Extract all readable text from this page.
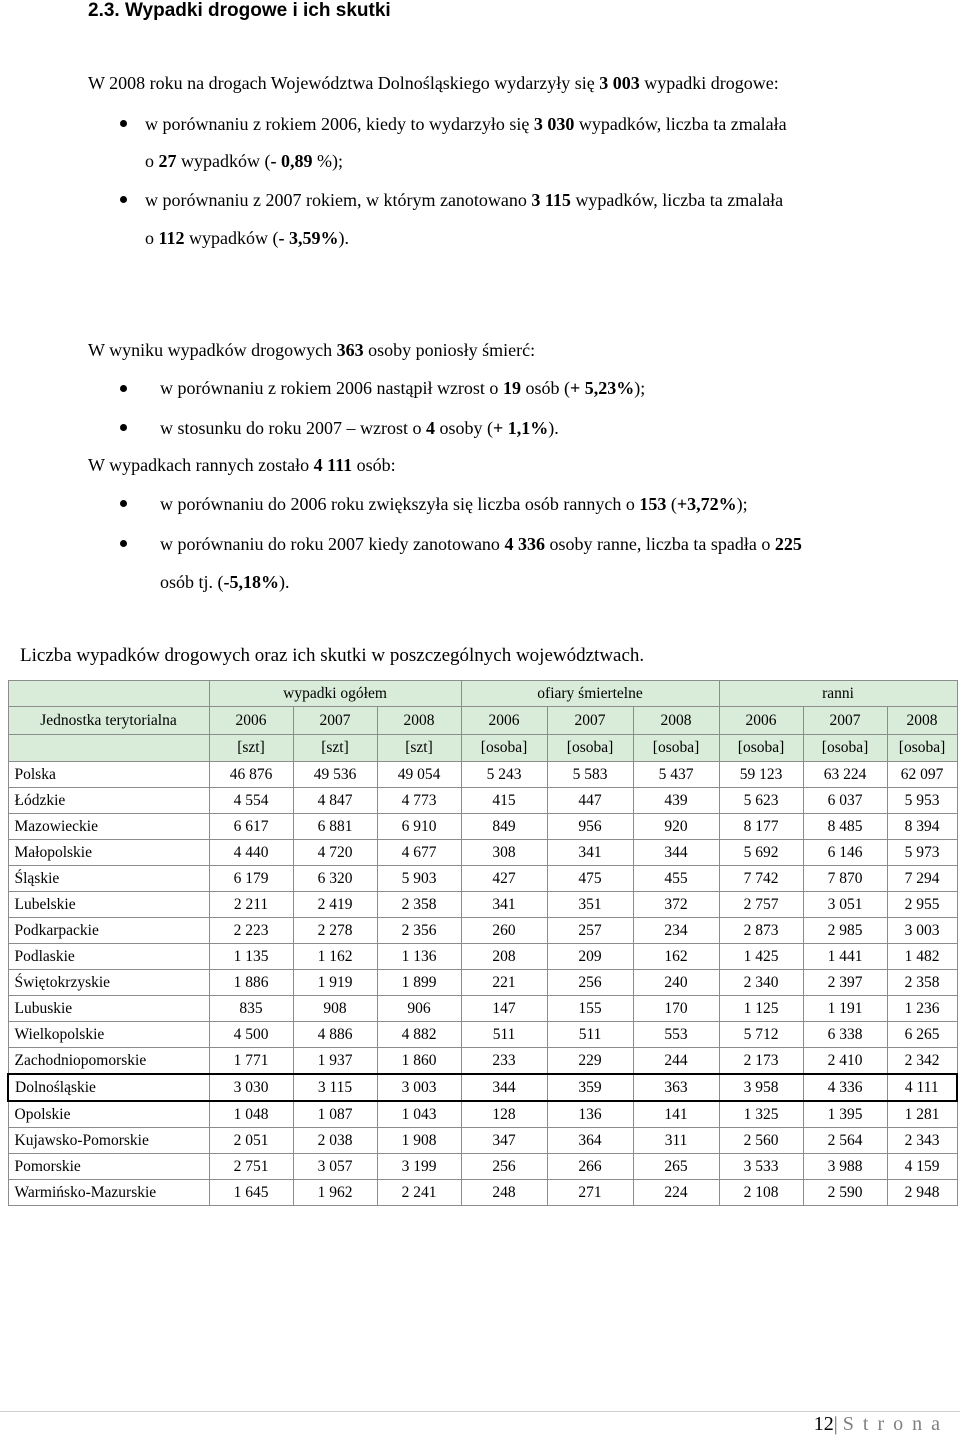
2.3. Wypadki drogowe i ich skutki
W 2008 roku na drogach Województwa Dolnośląskiego wydarzyły się 3 003 wypadki drogowe:
w porównaniu z rokiem 2006, kiedy to wydarzyło się 3 030 wypadków, liczba ta zmalała
o 27 wypadków (- 0,89 %);
w porównaniu z 2007 rokiem, w którym zanotowano 3 115 wypadków, liczba ta zmalała
o 112 wypadków (- 3,59%).
W wyniku wypadków drogowych 363 osoby poniosły śmierć:
w porównaniu z rokiem 2006 nastąpił wzrost o 19 osób (+ 5,23%);
w stosunku do roku 2007 – wzrost o 4 osoby (+ 1,1%).
W wypadkach rannych zostało 4 111 osób:
w porównaniu do 2006 roku zwiększyła się liczba osób rannych o 153 (+3,72%);
w porównaniu do roku 2007 kiedy zanotowano 4 336 osoby ranne, liczba ta spadła o 225
osób tj. (-5,18%).
Liczba wypadków drogowych oraz ich skutki w poszczególnych województwach.
	wypadki ogółem			ofiary śmiertelne			ranni		
Jednostka terytorialna	2006	2007	2008	2006	2007	2008	2006	2007	2008
	[szt]	[szt]	[szt]	[osoba]	[osoba]	[osoba]	[osoba]	[osoba]	[osoba]
Polska	46 876	49 536	49 054	5 243	5 583	5 437	59 123	63 224	62 097
Łódzkie	4 554	4 847	4 773	415	447	439	5 623	6 037	5 953
Mazowieckie	6 617	6 881	6 910	849	956	920	8 177	8 485	8 394
Małopolskie	4 440	4 720	4 677	308	341	344	5 692	6 146	5 973
Śląskie	6 179	6 320	5 903	427	475	455	7 742	7 870	7 294
Lubelskie	2 211	2 419	2 358	341	351	372	2 757	3 051	2 955
Podkarpackie	2 223	2 278	2 356	260	257	234	2 873	2 985	3 003
Podlaskie	1 135	1 162	1 136	208	209	162	1 425	1 441	1 482
Świętokrzyskie	1 886	1 919	1 899	221	256	240	2 340	2 397	2 358
Lubuskie	835	908	906	147	155	170	1 125	1 191	1 236
Wielkopolskie	4 500	4 886	4 882	511	511	553	5 712	6 338	6 265
Zachodniopomorskie	1 771	1 937	1 860	233	229	244	2 173	2 410	2 342
Dolnośląskie	3 030	3 115	3 003	344	359	363	3 958	4 336	4 111
Opolskie	1 048	1 087	1 043	128	136	141	1 325	1 395	1 281
Kujawsko-Pomorskie	2 051	2 038	1 908	347	364	311	2 560	2 564	2 343
Pomorskie	2 751	3 057	3 199	256	266	265	3 533	3 988	4 159
Warmińsko-Mazurskie	1 645	1 962	2 241	248	271	224	2 108	2 590	2 948
12| S t r o n a
